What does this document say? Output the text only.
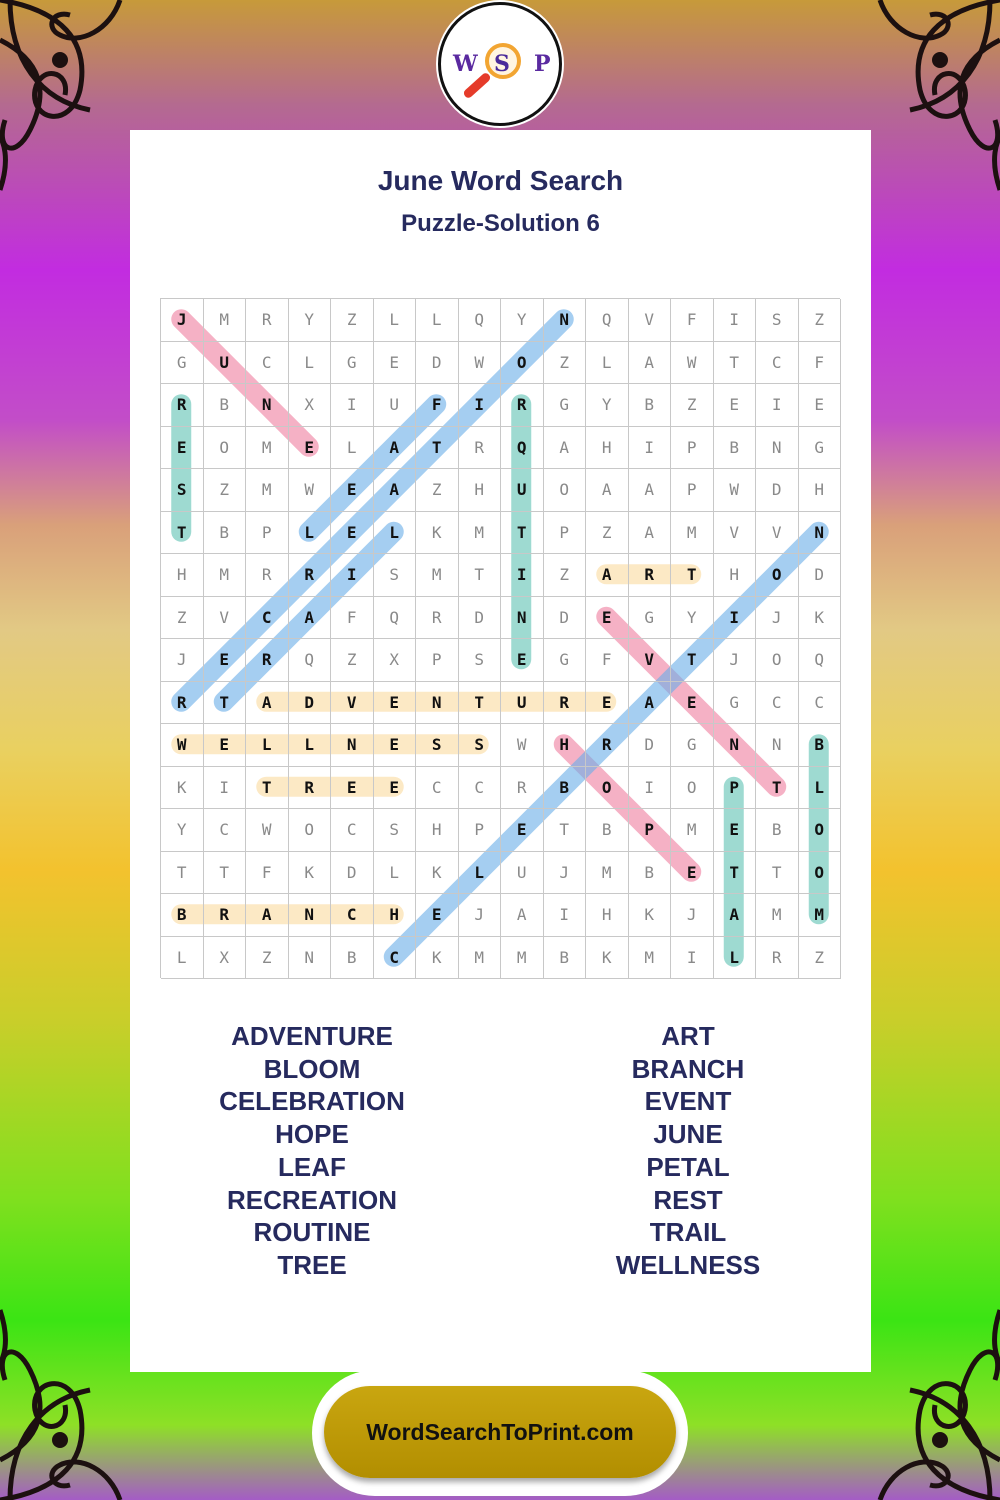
June Word Search
Puzzle-Solution 6
J	M	R	Y	Z	L	L	Q	Y	N	Q	V	F	I	S	Z
G	U	C	L	G	E	D	W	O	Z	L	A	W	T	C	F
R	B	N	X	I	U	F	I	R	G	Y	B	Z	E	I	E
E	O	M	E	L	A	T	R	Q	A	H	I	P	B	N	G
S	Z	M	W	E	A	Z	H	U	O	A	A	P	W	D	H
T	B	P	L	E	L	K	M	T	P	Z	A	M	V	V	N
H	M	R	R	I	S	M	T	I	Z	A	R	T	H	O	D
Z	V	C	A	F	Q	R	D	N	D	E	G	Y	I	J	K
J	E	R	Q	Z	X	P	S	E	G	F	V	T	J	O	Q
R	T	A	D	V	E	N	T	U	R	E	A	E	G	C	C
W	E	L	L	N	E	S	S	W	H	R	D	G	N	N	B
K	I	T	R	E	E	C	C	R	B	O	I	O	P	T	L
Y	C	W	O	C	S	H	P	E	T	B	P	M	E	B	O
T	T	F	K	D	L	K	L	U	J	M	B	E	T	T	O
B	R	A	N	C	H	E	J	A	I	H	K	J	A	M	M
L	X	Z	N	B	C	K	M	M	B	K	M	I	L	R	Z
ADVENTURE
BLOOM
CELEBRATION
HOPE
LEAF
RECREATION
ROUTINE
TREE
ART
BRANCH
EVENT
JUNE
PETAL
REST
TRAIL
WELLNESS
W S P
WordSearchToPrint.com
